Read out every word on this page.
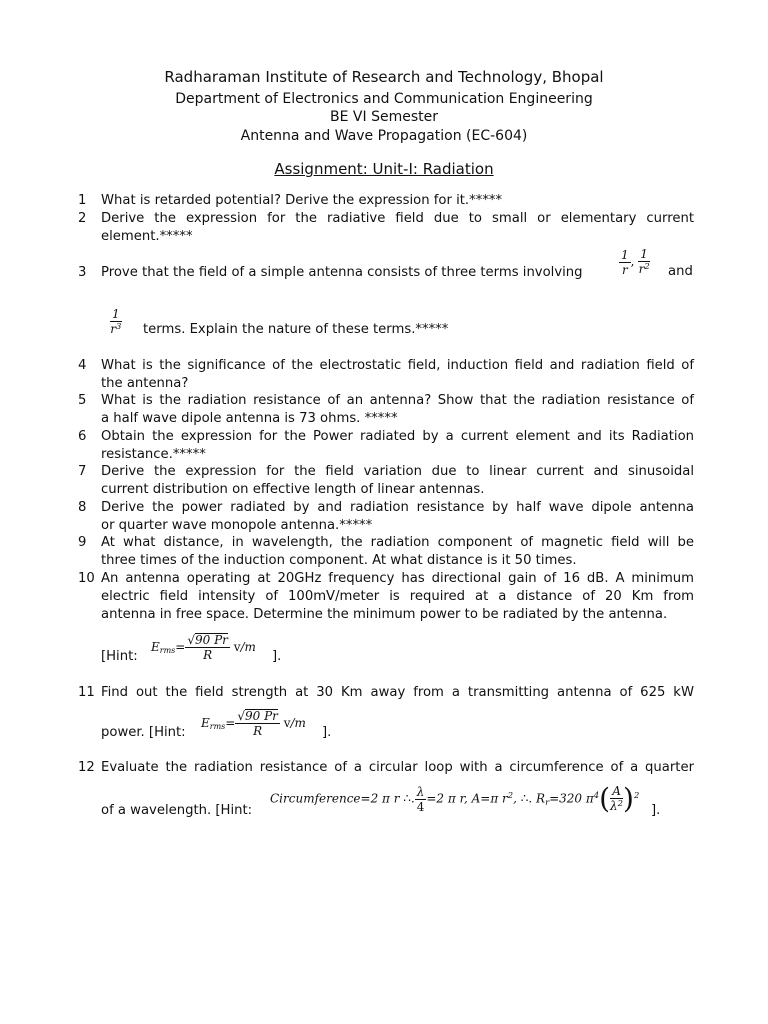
Radharaman Institute of Research and Technology, Bhopal
Department of Electronics and Communication Engineering
BE VI Semester
Antenna and Wave Propagation (EC-604)
Assignment: Unit-I: Radiation
1	What is retarded potential? Derive the expression for it.*****

2	Derive the expression for the radiative field due to small or elementary current

element.*****

3	Prove that the field of a simple antenna consists of three terms involving	$\frac{1}{r}$ , $\frac{1}{r^2}$ and
$\frac{1}{r^3}$ terms. Explain the nature of these terms.*****
4	What is the significance of the electrostatic field, induction field and radiation field of

the antenna?

5	What is the radiation resistance of an antenna? Show that the radiation resistance of

a half wave dipole antenna is 73 ohms. *****

6	Obtain the expression for the Power radiated by a current element and its Radiation

resistance.*****

7	Derive the expression for the field variation due to linear current and sinusoidal

current distribution on effective length of linear antennas.

8	Derive the power radiated by and radiation resistance by half wave dipole antenna

or quarter wave monopole antenna.*****

9	At what distance, in wavelength, the radiation component of magnetic field will be

three times of the induction component. At what distance is it 50 times.

10 An antenna operating at 20GHz frequency has directional gain of 16 dB. A minimum

electric field intensity of 100mV/meter is required at a distance of 20 Km from

antenna in free space. Determine the minimum power to be radiated by the antenna.

[Hint:
Erms= $\frac{√90 Pr}{R} v/m$
].
11 Find out the field strength at 30 Km away from a transmitting antenna of 625 kW

power. [Hint:
Erms= $\frac{√90 Pr}{R} v/m$
].
12 Evaluate the radiation resistance of a circular loop with a circumference of a quarter

of a wavelength. [Hint:
Circumference=2 π r ∴. $\frac{\lambda}{4} =2$ π r, A=π $r^2$, ∴. $R_r=320$ $\pi^4( \frac{A}{\lambda^2} )^2$
].
